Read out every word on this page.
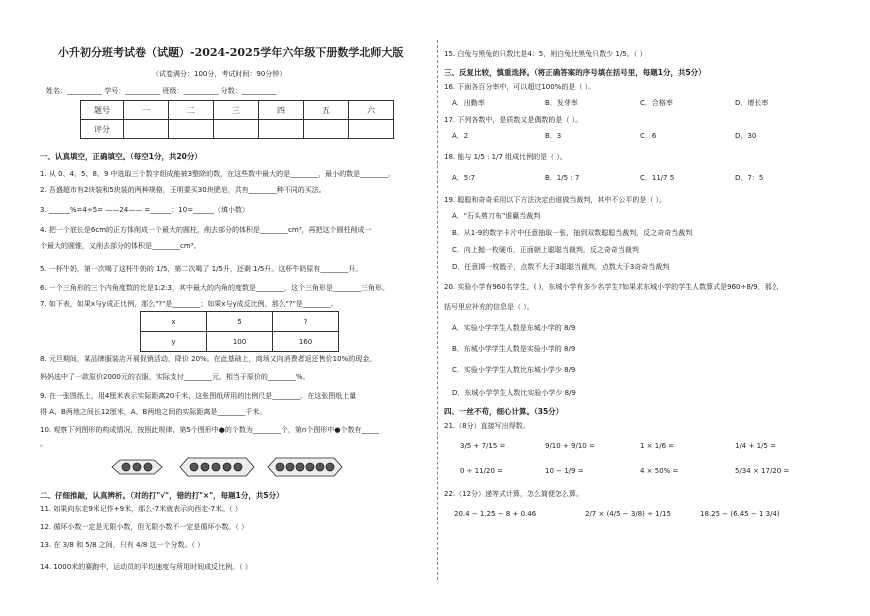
小升初分班考试卷（试题）-2024-2025学年六年级下册数学北师大版
（试卷满分：100分，考试时间：90分钟）
姓名：__________ 学号：__________ 班级：__________ 分数：__________
题号	一	二	三	四	五	六
评分						
一、认真填空，正确填空。（每空1分，共20分）
1. 从 0、4、5、8、9 中选取三个数字组成能被3整除的数，在这些数中最大的是________，最小的数是________。
2. 吾盛超市有2块装和5块装的两种规格，王明要买30块肥皂，共有________种不同的买法。
3. ______%=4÷5= ——24—— =______：10=______（填小数）
4. 把一个底长是6cm的正方体削成一个最大的圆柱，削去部分的体积是________cm³，再把这个圆柱削成一
个最大的圆锥，又削去部分的体积是________cm³。
5. 一杯牛奶，第一次喝了这杯牛奶的 1/5，第二次喝了 1/5升，还剩 1/5升。这杯牛奶原有________升。
6. 一个三角形的三个内角度数的比是1:2:3，其中最大的内角的度数是________，这个三角形是________三角形。
7. 如下表，如果x与y成正比例，那么"?"是________；如果x与y成反比例，那么"?"是________。
x	5	?
y	100	160
8. 元旦期间，某品牌服装店开展促销活动，降价 20%。在此基础上，商场又向消费者返还售价10%的现金。
妈妈选中了一款原价2000元的衣服，实际支付________元，相当于原价的________%。
9. 在一张图纸上，用4厘米表示实际距离20千米，这张图纸所用的比例尺是________。在这张图纸上量
得 A、B两地之间长12厘米，A、B两地之间的实际距离是________千米。
10. 观察下列图形的构成情况，按照此规律，第5个图形中●的个数为________个，第n个图形中●个数有_____
。
二、仔细推敲，认真辨析。（对的打"√"，错的打"×"，每题1分，共5分）
11. 如果向东走9米记作+9米，那么-7米就表示向西走-7米。（ ）
12. 循环小数一定是无限小数，但无限小数不一定是循环小数。（ ）
13. 在 3/8 和 5/8 之间，只有 4/8 这一个分数。（ ）
14. 1000米的赛跑中，运动员的平均速度与所用时间成反比例。（ ）
15. 白兔与黑兔的只数比是4：5，则白兔比黑兔只数少 1/5。（ ）
三、反复比较，慎重选择。（将正确答案的序号填在括号里，每题1分，共5分）
16. 下面各百分率中，可以超过100%的是（ ）。
A．出勤率	B．发芽率	C．合格率	D．增长率
17. 下列各数中，是质数又是偶数的是（ ）。
A．2	B．3	C．6	D．30
18. 能与 1/5 : 1/7 组成比例的是（ ）。
A．5:7	B．1/5 : 7	C．11/7 5	D．7：5
19. 聪聪和奇奇采用以下方法决定由谁做当裁判，其中不公平的是（ ）。
A．"石头剪刀布"谁赢当裁判
B．从1-9的数字卡片中任意抽取一张，抽到双数聪聪当裁判，反之奇奇当裁判
C．向上抛一枚硬币，正面朝上聪聪当裁判，反之奇奇当裁判
D．任意掷一枚骰子，点数不大于3聪聪当裁判，点数大于3奇奇当裁判
20. 实验小学有960名学生，( )，东城小学有多少名学生?如果求东城小学的学生人数算式是960÷8/9，那么
括号里应补充的信息是（ ）。
A．实验小学学生人数是东城小学的 8/9
B．东城小学学生人数是实验小学的 8/9
C．实验小学学生人数比东城小学少 8/9
D．东城小学学生人数比实验小学少 8/9
四、一丝不苟，细心计算。（35分）
21.（8分）直接写出得数。
3/5 + 7/15 =	9/10 + 9/10 =	1 × 1/6 =	1/4 + 1/5 =
0 ÷ 11/20 =	10 − 1/9 =	4 × 50% =	5/34 × 17/20 =
22.（12分）递等式计算，怎么简便怎么算。
20.4 − 1.25 − 8 + 0.46	2/7 × (4/5 − 3/8) ÷ 1/15	18.25 − (6.45 − 1 3/4)
